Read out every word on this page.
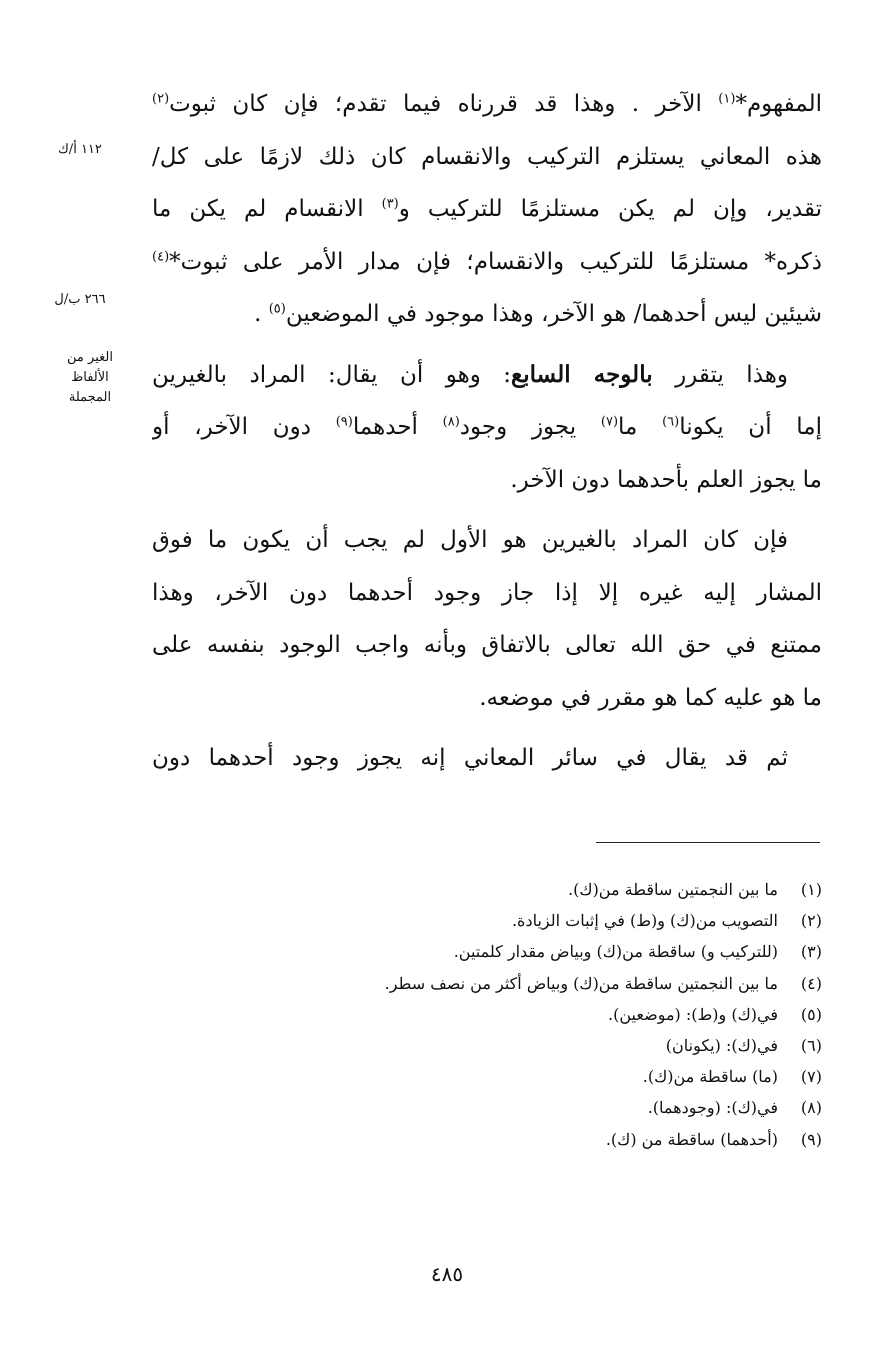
المفهوم*$^{(١)}$ الآخر . وهذا قد قررناه فيما تقدم؛ فإن كان ثبوت$^{(٢)}$
هذه المعاني يستلزم التركيب والانقسام كان ذلك لازمًا على كل/
تقدير، وإن لم يكن مستلزمًا للتركيب و$^{(٣)}$ الانقسام لم يكن ما
ذكره* مستلزمًا للتركيب والانقسام؛ فإن مدار الأمر على ثبوت*$^{(٤)}$
شيئين ليس أحدهما/ هو الآخر، وهذا موجود في الموضعين$^{(٥)}$ .

وهذا يتقرر بالوجه السابع: وهو أن يقال: المراد بالغيرين
إما أن يكونا$^{(٦)}$ ما$^{(٧)}$ يجوز وجود$^{(٨)}$ أحدهما$^{(٩)}$ دون الآخر، أو
ما يجوز العلم بأحدهما دون الآخر.

فإن كان المراد بالغيرين هو الأول لم يجب أن يكون ما فوق
المشار إليه غيره إلا إذا جاز وجود أحدهما دون الآخر، وهذا
ممتنع في حق الله تعالى بالاتفاق وبأنه واجب الوجود بنفسه على
ما هو عليه كما هو مقرر في موضعه.

ثم قد يقال في سائر المعاني إنه يجوز وجود أحدهما دون

١١٢ أ/ك
٢٦٦ ب/ل
الغير من الألفاظ المجملة
(١)ما بين النجمتين ساقطة من(ك).
(٢)التصويب من(ك) و(ط) في إثبات الزيادة.
(٣)(للتركيب و) ساقطة من(ك) وبياض مقدار كلمتين.
(٤)ما بين النجمتين ساقطة من(ك) وبياض أكثر من نصف سطر.
(٥)في(ك) و(ط): (موضعين).
(٦)في(ك): (يكونان)
(٧)(ما) ساقطة من(ك).
(٨)في(ك): (وجودهما).
(٩)(أحدهما) ساقطة من (ك).
٤٨٥
